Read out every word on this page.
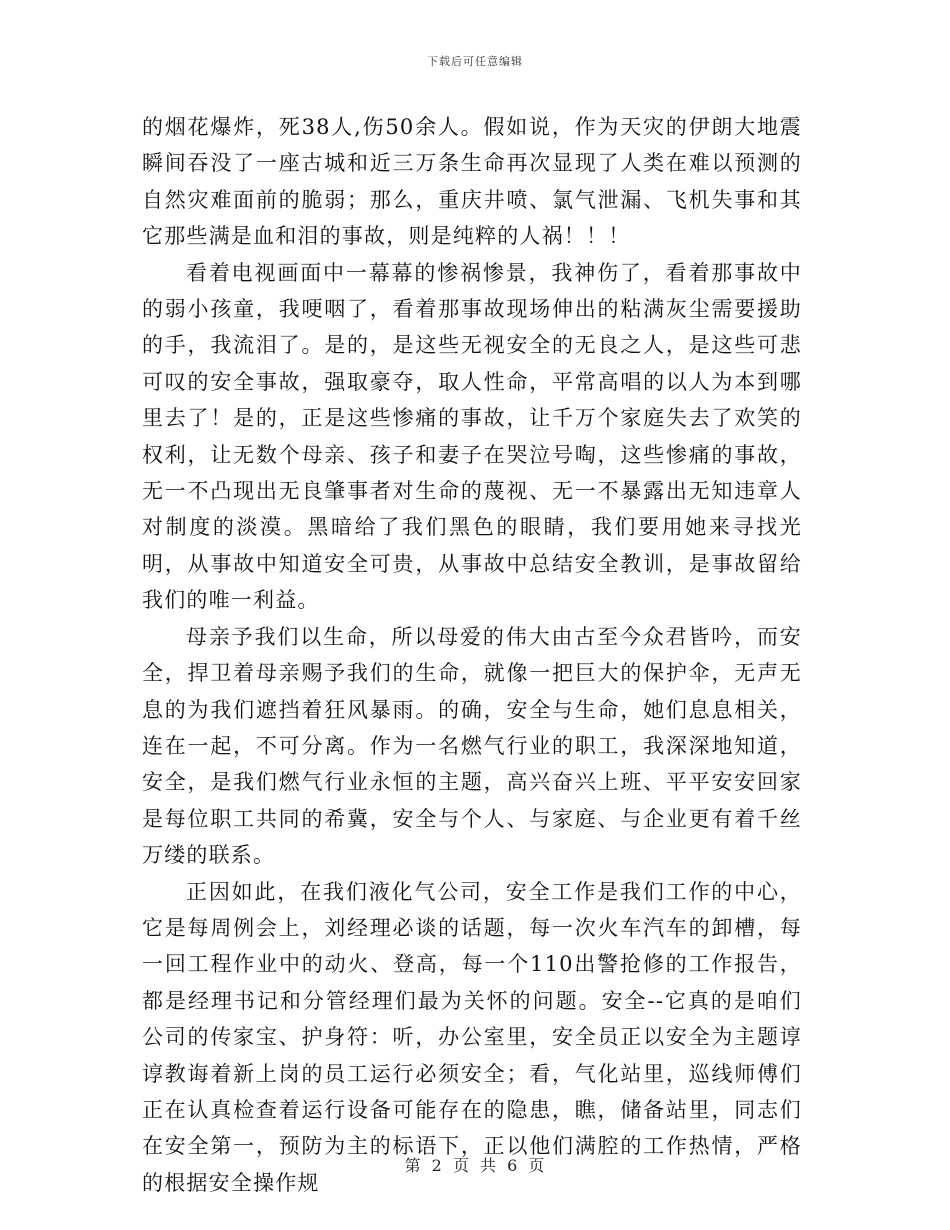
下载后可任意编辑

的烟花爆炸，死38人,伤50余人。假如说，作为天灾的伊朗大地震瞬间吞没了一座古城和近三万条生命再次显现了人类在难以预测的自然灾难面前的脆弱；那么，重庆井喷、氯气泄漏、飞机失事和其它那些满是血和泪的事故，则是纯粹的人祸！！！

看着电视画面中一幕幕的惨祸惨景，我神伤了，看着那事故中的弱小孩童，我哽咽了，看着那事故现场伸出的粘满灰尘需要援助的手，我流泪了。是的，是这些无视安全的无良之人，是这些可悲可叹的安全事故，强取豪夺，取人性命，平常高唱的以人为本到哪里去了！是的，正是这些惨痛的事故，让千万个家庭失去了欢笑的权利，让无数个母亲、孩子和妻子在哭泣号啕，这些惨痛的事故，无一不凸现出无良肇事者对生命的蔑视、无一不暴露出无知违章人对制度的淡漠。黑暗给了我们黑色的眼睛，我们要用她来寻找光明，从事故中知道安全可贵，从事故中总结安全教训，是事故留给我们的唯一利益。

母亲予我们以生命，所以母爱的伟大由古至今众君皆吟，而安全，捍卫着母亲赐予我们的生命，就像一把巨大的保护伞，无声无息的为我们遮挡着狂风暴雨。的确，安全与生命，她们息息相关，连在一起，不可分离。作为一名燃气行业的职工，我深深地知道，安全，是我们燃气行业永恒的主题，高兴奋兴上班、平平安安回家是每位职工共同的希冀，安全与个人、与家庭、与企业更有着千丝万缕的联系。

正因如此，在我们液化气公司，安全工作是我们工作的中心，它是每周例会上，刘经理必谈的话题，每一次火车汽车的卸槽，每一回工程作业中的动火、登高，每一个110出警抢修的工作报告，都是经理书记和分管经理们最为关怀的问题。安全--它真的是咱们公司的传家宝、护身符：听，办公室里，安全员正以安全为主题谆谆教诲着新上岗的员工运行必须安全；看，气化站里，巡线师傅们正在认真检查着运行设备可能存在的隐患，瞧，储备站里，同志们在安全第一，预防为主的标语下，正以他们满腔的工作热情，严格的根据安全操作规

第 2 页 共 6 页
